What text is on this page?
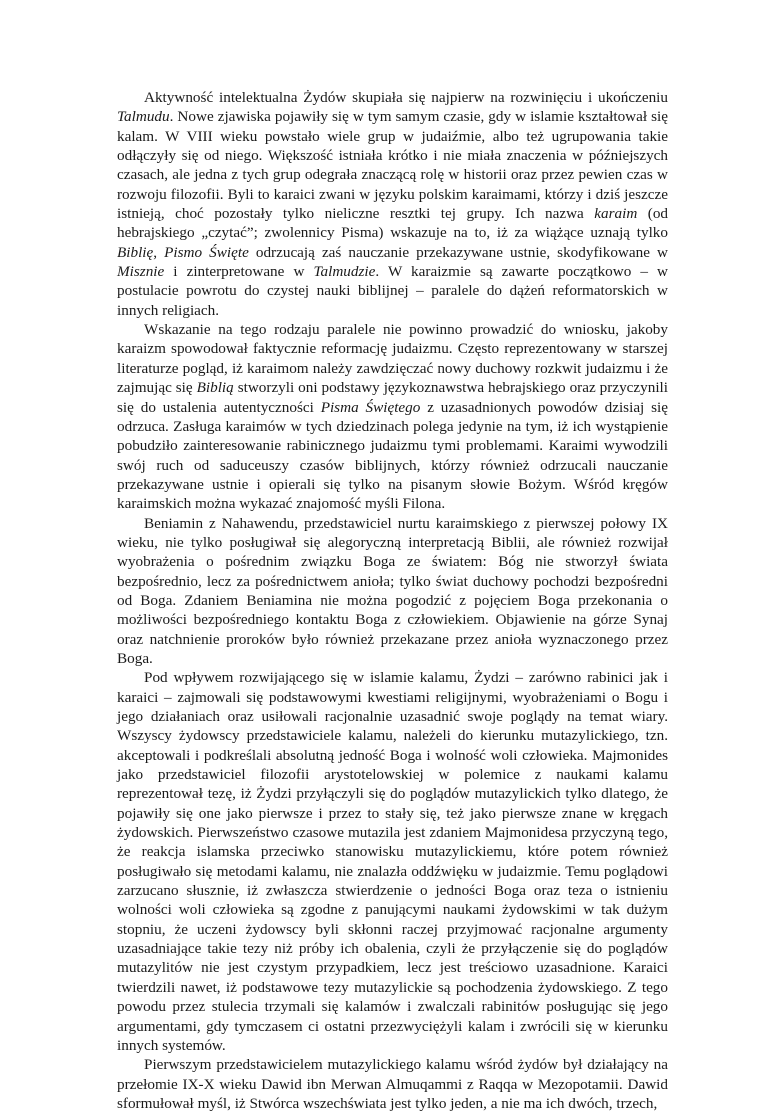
Aktywność intelektualna Żydów skupiała się najpierw na rozwinięciu i ukończeniu Talmudu. Nowe zjawiska pojawiły się w tym samym czasie, gdy w islamie kształtował się kalam. W VIII wieku powstało wiele grup w judaiźmie, albo też ugrupowania takie odłączyły się od niego. Większość istniała krótko i nie miała znaczenia w późniejszych czasach, ale jedna z tych grup odegrała znaczącą rolę w historii oraz przez pewien czas w rozwoju filozofii. Byli to karaici zwani w języku polskim karaimami, którzy i dziś jeszcze istnieją, choć pozostały tylko nieliczne resztki tej grupy. Ich nazwa karaim (od hebrajskiego „czytać”; zwolennicy Pisma) wskazuje na to, iż za wiążące uznają tylko Biblię, Pismo Święte odrzucają zaś nauczanie przekazywane ustnie, skodyfikowane w Misznie i zinterpretowane w Talmudzie. W karaizmie są zawarte początkowo – w postulacie powrotu do czystej nauki biblijnej – paralele do dążeń reformatorskich w innych religiach.

Wskazanie na tego rodzaju paralele nie powinno prowadzić do wniosku, jakoby karaizm spowodował faktycznie reformację judaizmu. Często reprezentowany w starszej literaturze pogląd, iż karaimom należy zawdzięczać nowy duchowy rozkwit judaizmu i że zajmując się Biblią stworzyli oni podstawy językoznawstwa hebrajskiego oraz przyczynili się do ustalenia autentyczności Pisma Świętego z uzasadnionych powodów dzisiaj się odrzuca. Zasługa karaimów w tych dziedzinach polega jedynie na tym, iż ich wystąpienie pobudziło zainteresowanie rabinicznego judaizmu tymi problemami. Karaimi wywodzili swój ruch od saduceuszy czasów biblijnych, którzy również odrzucali nauczanie przekazywane ustnie i opierali się tylko na pisanym słowie Bożym. Wśród kręgów karaimskich można wykazać znajomość myśli Filona.

Beniamin z Nahawendu, przedstawiciel nurtu karaimskiego z pierwszej połowy IX wieku, nie tylko posługiwał się alegoryczną interpretacją Biblii, ale również rozwijał wyobrażenia o pośrednim związku Boga ze światem: Bóg nie stworzył świata bezpośrednio, lecz za pośrednictwem anioła; tylko świat duchowy pochodzi bezpośredni od Boga. Zdaniem Beniamina nie można pogodzić z pojęciem Boga przekonania o możliwości bezpośredniego kontaktu Boga z człowiekiem. Objawienie na górze Synaj oraz natchnienie proroków było również przekazane przez anioła wyznaczonego przez Boga.

Pod wpływem rozwijającego się w islamie kalamu, Żydzi – zarówno rabinici jak i karaici – zajmowali się podstawowymi kwestiami religijnymi, wyobrażeniami o Bogu i jego działaniach oraz usiłowali racjonalnie uzasadnić swoje poglądy na temat wiary. Wszyscy żydowscy przedstawiciele kalamu, należeli do kierunku mutazylickiego, tzn. akceptowali i podkreślali absolutną jedność Boga i wolność woli człowieka. Majmonides jako przedstawiciel filozofii arystotelowskiej w polemice z naukami kalamu reprezentował tezę, iż Żydzi przyłączyli się do poglądów mutazylickich tylko dlatego, że pojawiły się one jako pierwsze i przez to stały się, też jako pierwsze znane w kręgach żydowskich. Pierwszeństwo czasowe mutazila jest zdaniem Majmonidesa przyczyną tego, że reakcja islamska przeciwko stanowisku mutazylickiemu, które potem również posługiwało się metodami kalamu, nie znalazła oddźwięku w judaizmie. Temu poglądowi zarzucano słusznie, iż zwłaszcza stwierdzenie o jedności Boga oraz teza o istnieniu wolności woli człowieka są zgodne z panującymi naukami żydowskimi w tak dużym stopniu, że uczeni żydowscy byli skłonni raczej przyjmować racjonalne argumenty uzasadniające takie tezy niż próby ich obalenia, czyli że przyłączenie się do poglądów mutazylitów nie jest czystym przypadkiem, lecz jest treściowo uzasadnione. Karaici twierdzili nawet, iż podstawowe tezy mutazylickie są pochodzenia żydowskiego. Z tego powodu przez stulecia trzymali się kalamów i zwalczali rabinitów posługując się jego argumentami, gdy tymczasem ci ostatni przezwyciężyli kalam i zwrócili się w kierunku innych systemów.

Pierwszym przedstawicielem mutazylickiego kalamu wśród żydów był działający na przełomie IX-X wieku Dawid ibn Merwan Almuqammi z Raqqa w Mezopotamii. Dawid sformułował myśl, iż Stwórca wszechświata jest tylko jeden, a nie ma ich dwóch, trzech,
